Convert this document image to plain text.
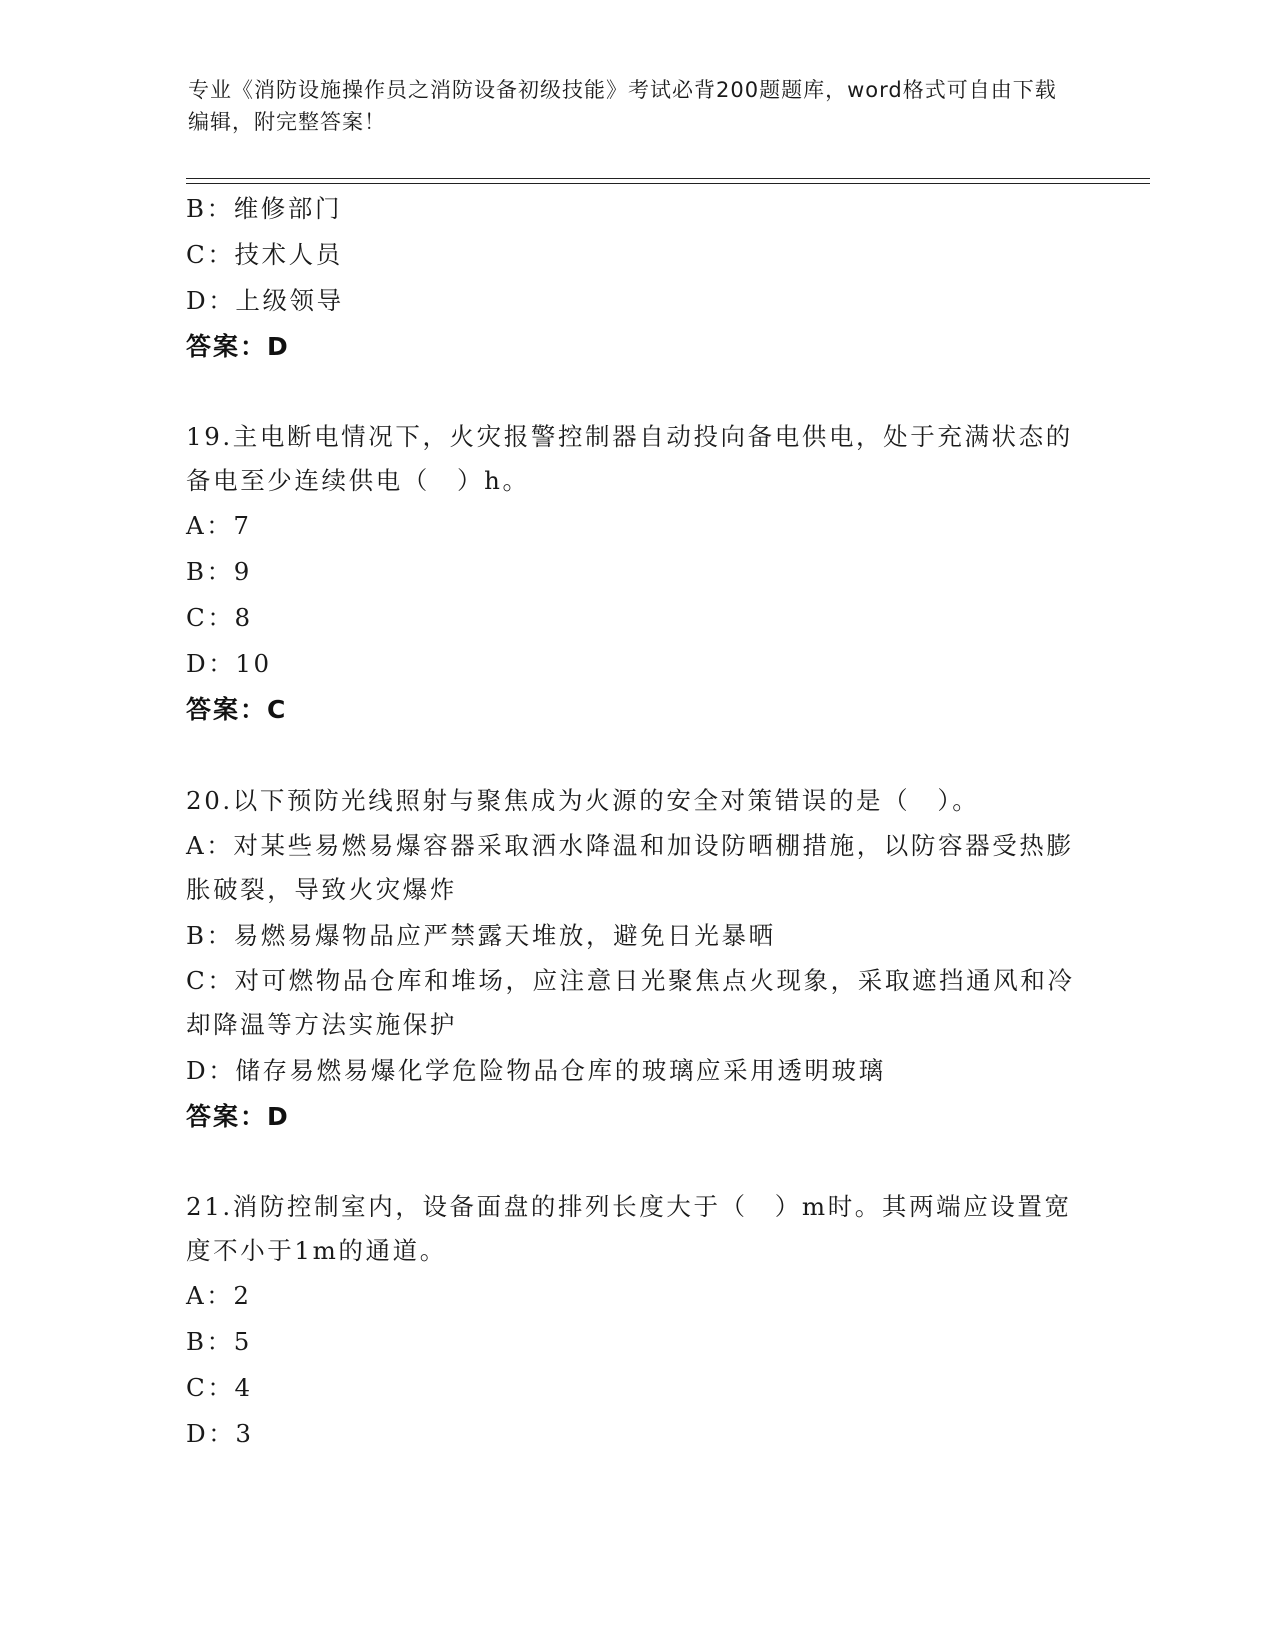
专业《消防设施操作员之消防设备初级技能》考试必背200题题库，word格式可自由下载编辑，附完整答案！
B：维修部门
C：技术人员
D：上级领导
答案：D
19.主电断电情况下，火灾报警控制器自动投向备电供电，处于充满状态的备电至少连续供电（　）h。
A：7
B：9
C：8
D：10
答案：C
20.以下预防光线照射与聚焦成为火源的安全对策错误的是（　）。
A：对某些易燃易爆容器采取洒水降温和加设防晒棚措施，以防容器受热膨胀破裂，导致火灾爆炸
B：易燃易爆物品应严禁露天堆放，避免日光暴晒
C：对可燃物品仓库和堆场，应注意日光聚焦点火现象，采取遮挡通风和冷却降温等方法实施保护
D：储存易燃易爆化学危险物品仓库的玻璃应采用透明玻璃
答案：D
21.消防控制室内，设备面盘的排列长度大于（　）m时。其两端应设置宽度不小于1m的通道。
A：2
B：5
C：4
D：3
